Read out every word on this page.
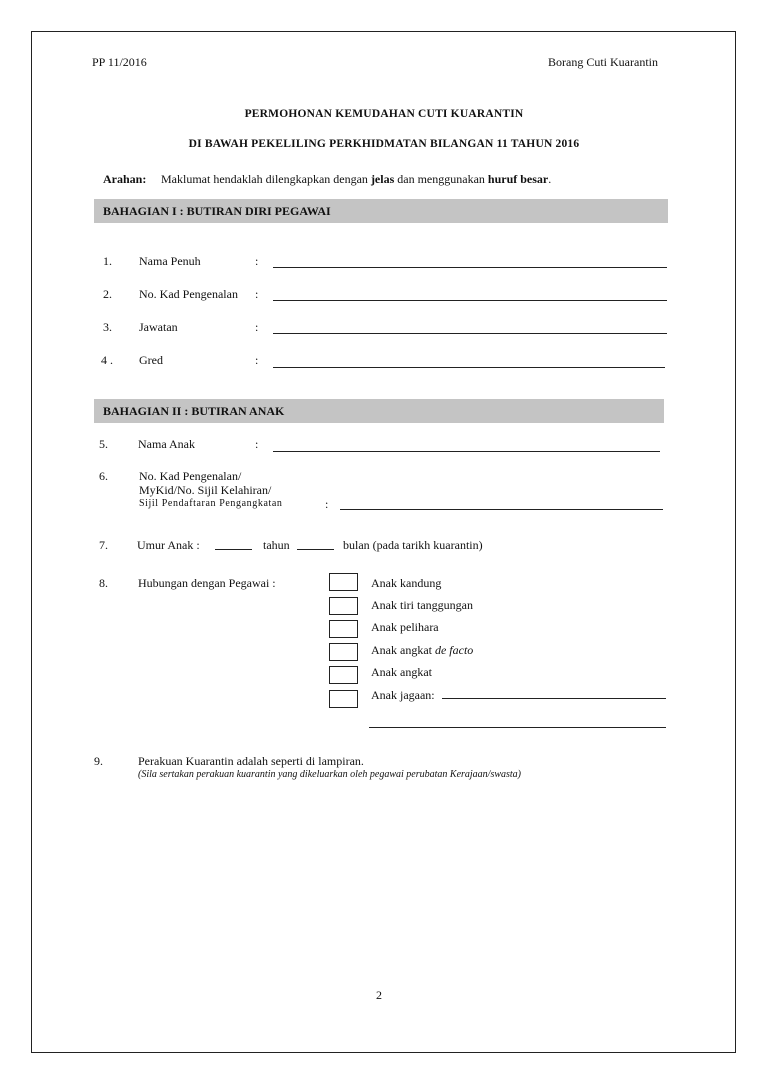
PP 11/2016	Borang Cuti Kuarantin
PERMOHONAN KEMUDAHAN CUTI KUARANTIN
DI BAWAH PEKELILING PERKHIDMATAN BILANGAN 11 TAHUN 2016
Arahan: Maklumat hendaklah dilengkapkan dengan jelas dan menggunakan huruf besar.
BAHAGIAN I : BUTIRAN DIRI PEGAWAI
1. Nama Penuh	:
2. No. Kad Pengenalan :
3. Jawatan	:
4 . Gred	:
BAHAGIAN II : BUTIRAN ANAK
5.	Nama Anak	:
6.	No. Kad Pengenalan/
MyKid/No. Sijil Kelahiran/
Sijil Pendaftaran Pengangkatan	:
7. Umur Anak :	tahun	bulan (pada tarikh kuarantin)
8.	Hubungan dengan Pegawai :	Anak kandung
Anak tiri tanggungan
Anak pelihara
Anak angkat de facto
Anak angkat
Anak jagaan:
9.	Perakuan Kuarantin adalah seperti di lampiran.
(Sila sertakan perakuan kuarantin yang dikeluarkan oleh pegawai perubatan Kerajaan/swasta)
2
